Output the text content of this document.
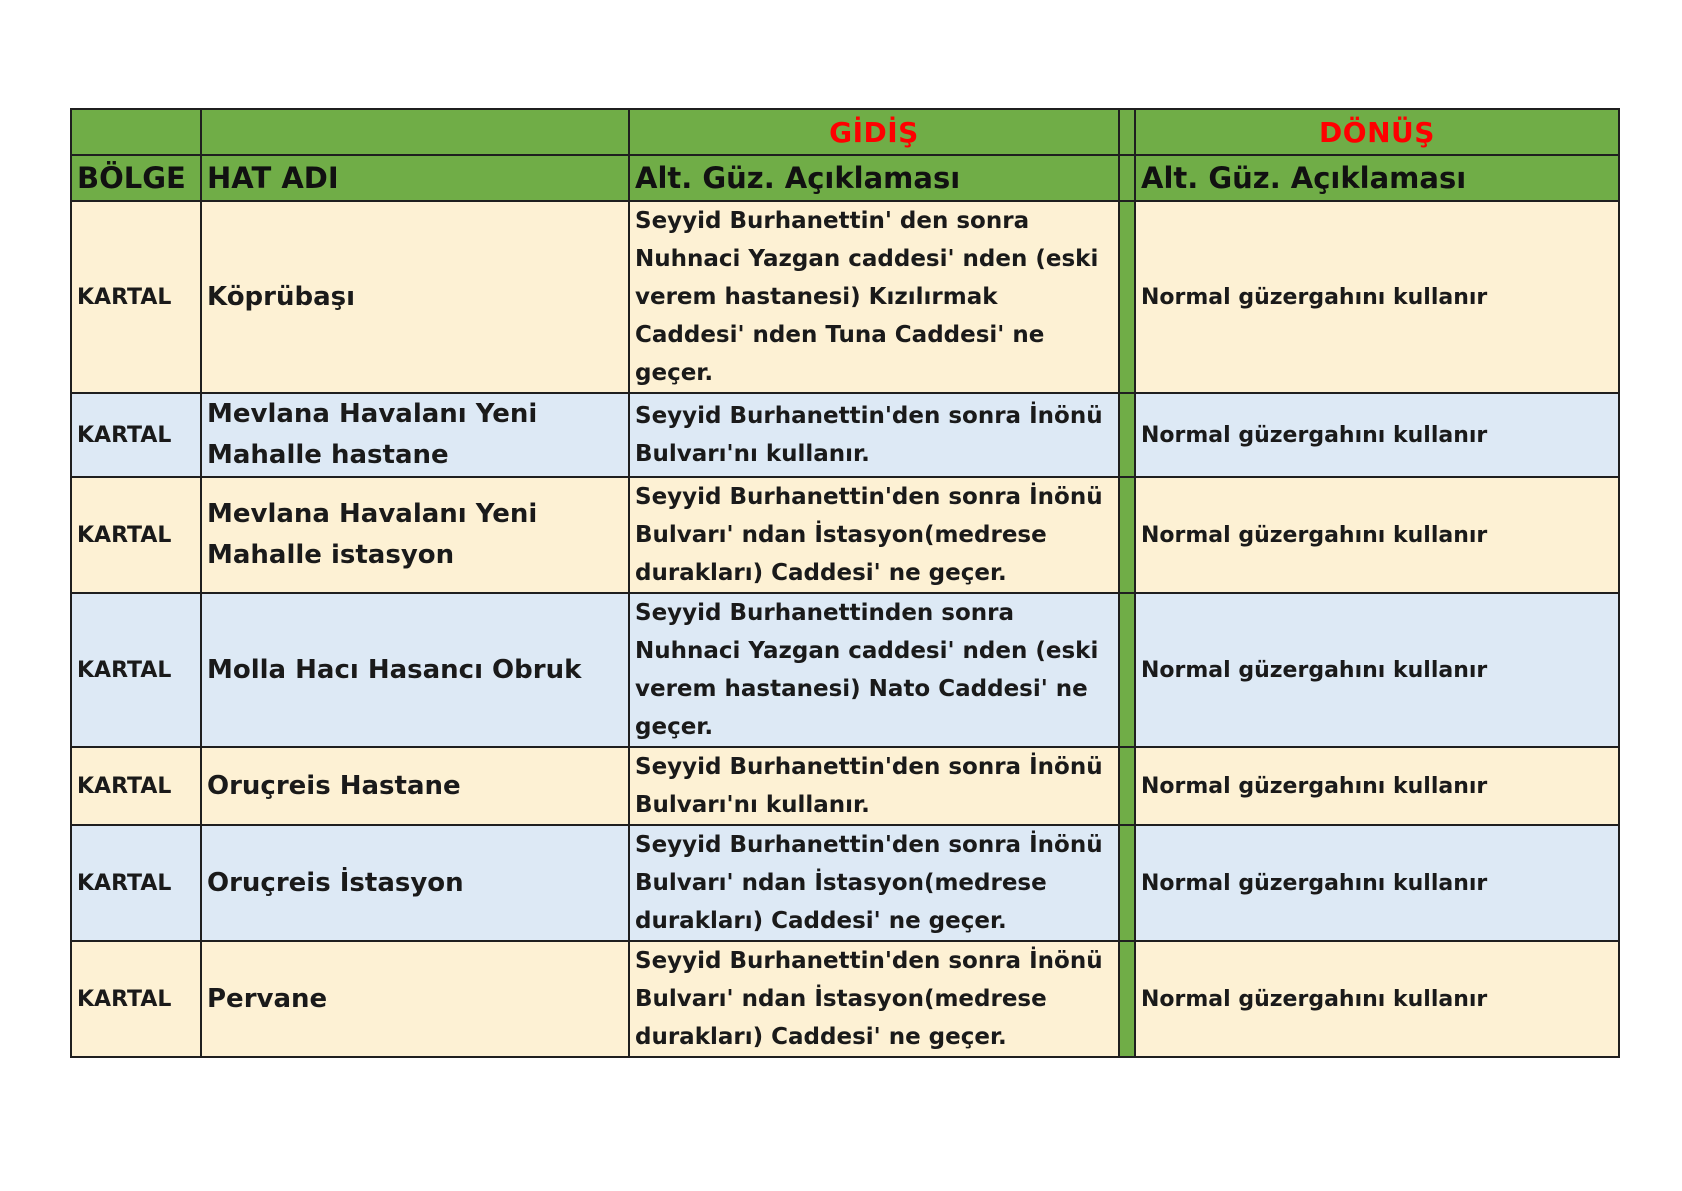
		GİDİŞ		DÖNÜŞ
BÖLGE	HAT ADI	Alt. Güz. Açıklaması		Alt. Güz. Açıklaması
KARTAL	Köprübaşı	Seyyid Burhanettin' den sonra Nuhnaci Yazgan caddesi' nden (eski verem hastanesi) Kızılırmak Caddesi' nden Tuna Caddesi' ne geçer.		Normal güzergahını kullanır
KARTAL	Mevlana Havalanı Yeni Mahalle hastane	Seyyid Burhanettin'den sonra İnönü Bulvarı'nı kullanır.		Normal güzergahını kullanır
KARTAL	Mevlana Havalanı Yeni Mahalle istasyon	Seyyid Burhanettin'den sonra İnönü Bulvarı' ndan İstasyon(medrese durakları) Caddesi' ne geçer.		Normal güzergahını kullanır
KARTAL	Molla Hacı Hasancı Obruk	Seyyid Burhanettinden sonra Nuhnaci Yazgan caddesi' nden (eski verem hastanesi) Nato Caddesi' ne geçer.		Normal güzergahını kullanır
KARTAL	Oruçreis Hastane	Seyyid Burhanettin'den sonra İnönü Bulvarı'nı kullanır.		Normal güzergahını kullanır
KARTAL	Oruçreis İstasyon	Seyyid Burhanettin'den sonra İnönü Bulvarı' ndan İstasyon(medrese durakları) Caddesi' ne geçer.		Normal güzergahını kullanır
KARTAL	Pervane	Seyyid Burhanettin'den sonra İnönü Bulvarı' ndan İstasyon(medrese durakları) Caddesi' ne geçer.		Normal güzergahını kullanır
